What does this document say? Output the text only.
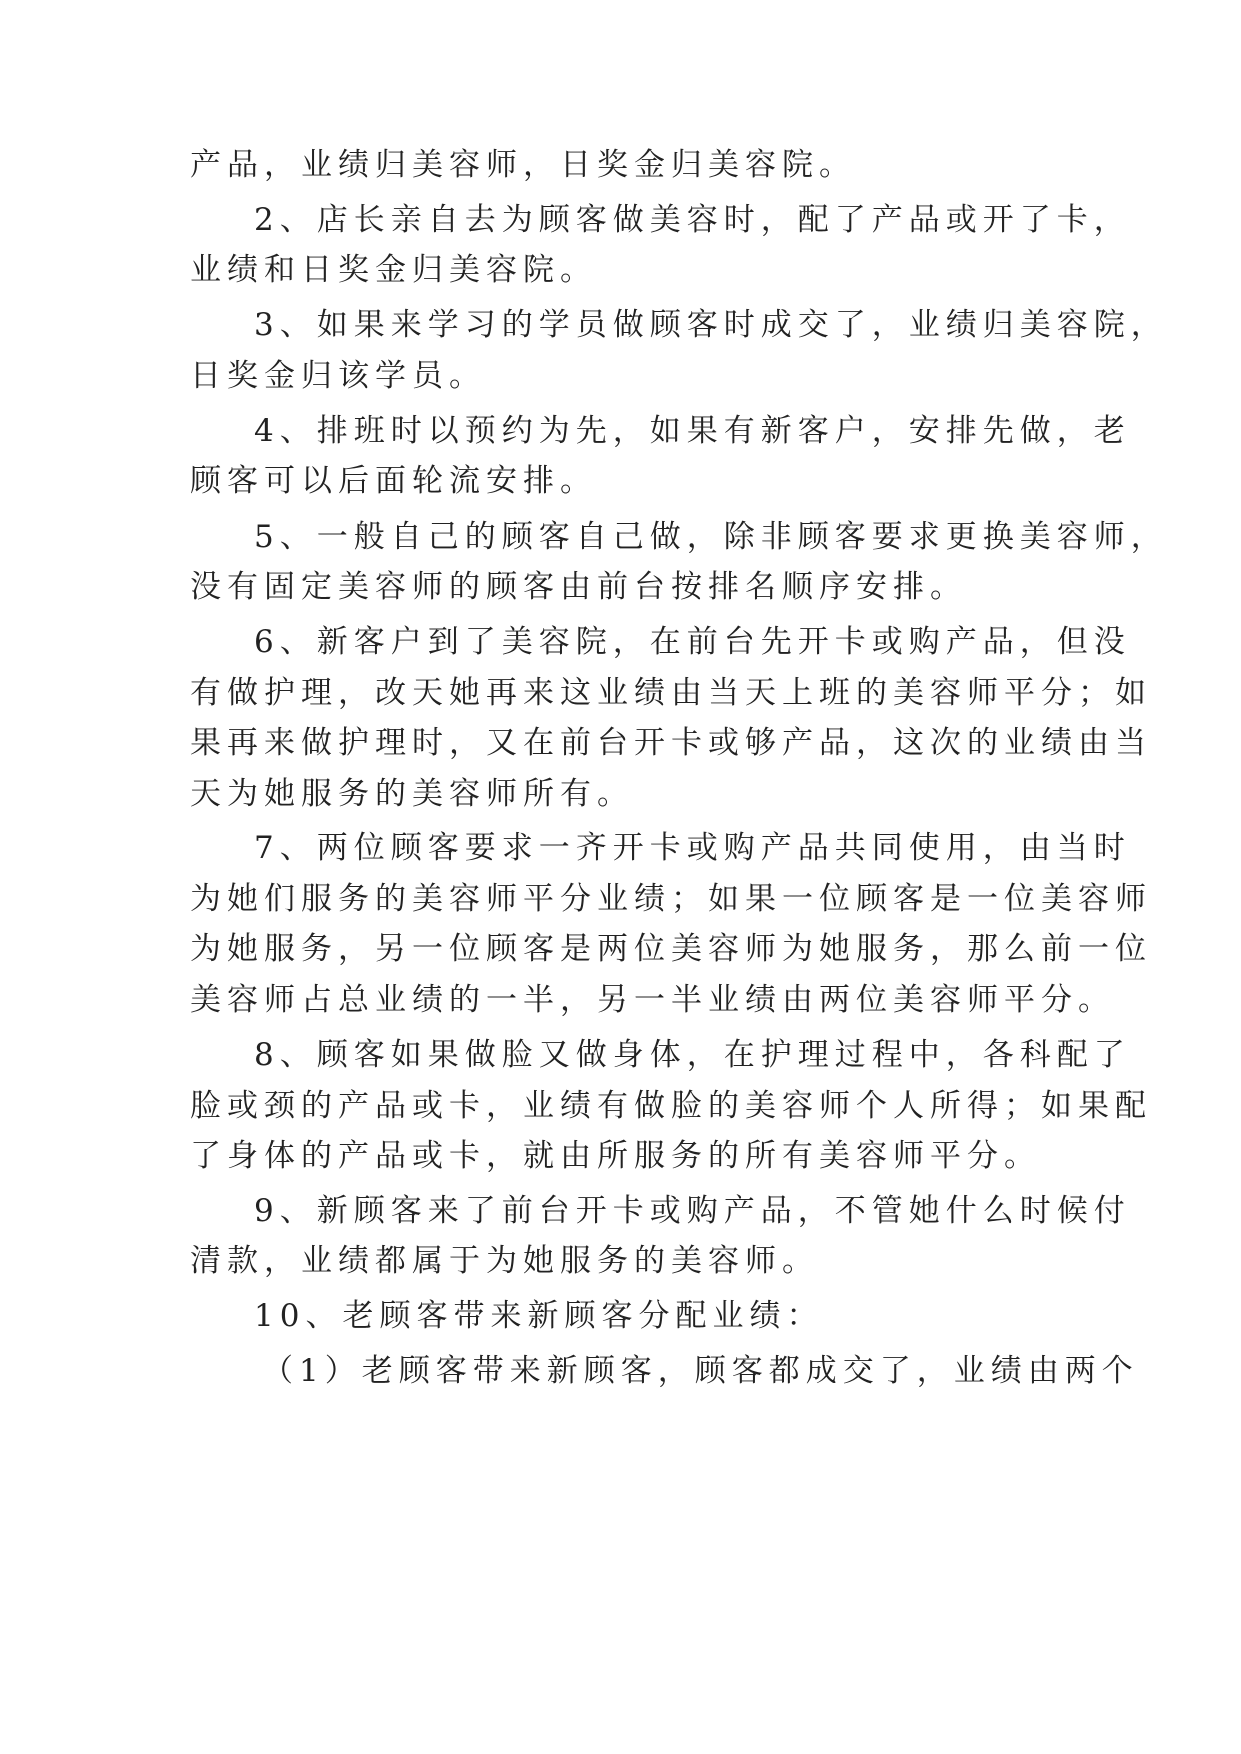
产品，业绩归美容师，日奖金归美容院。
2、店长亲自去为顾客做美容时，配了产品或开了卡，
业绩和日奖金归美容院。
3、如果来学习的学员做顾客时成交了，业绩归美容院，
日奖金归该学员。
4、排班时以预约为先，如果有新客户，安排先做，老
顾客可以后面轮流安排。
5、一般自己的顾客自己做，除非顾客要求更换美容师，
没有固定美容师的顾客由前台按排名顺序安排。
6、新客户到了美容院，在前台先开卡或购产品，但没
有做护理，改天她再来这业绩由当天上班的美容师平分；如
果再来做护理时，又在前台开卡或够产品，这次的业绩由当
天为她服务的美容师所有。
7、两位顾客要求一齐开卡或购产品共同使用，由当时
为她们服务的美容师平分业绩；如果一位顾客是一位美容师
为她服务，另一位顾客是两位美容师为她服务，那么前一位
美容师占总业绩的一半，另一半业绩由两位美容师平分。
8、顾客如果做脸又做身体，在护理过程中，各科配了
脸或颈的产品或卡，业绩有做脸的美容师个人所得；如果配
了身体的产品或卡，就由所服务的所有美容师平分。
9、新顾客来了前台开卡或购产品，不管她什么时候付
清款，业绩都属于为她服务的美容师。
10、老顾客带来新顾客分配业绩：
（1）老顾客带来新顾客，顾客都成交了，业绩由两个
